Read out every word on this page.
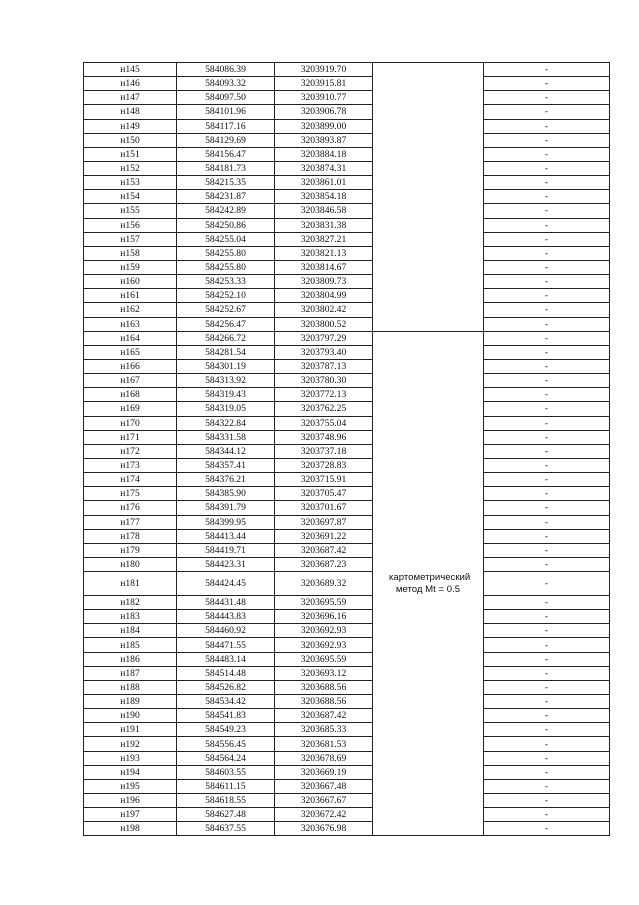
н145	584086.39	3203919.70		-
н146	584093.32	3203915.81		-
н147	584097.50	3203910.77		-
н148	584101.96	3203906.78		-
н149	584117.16	3203899.00		-
н150	584129.69	3203893.87		-
н151	584156.47	3203884.18		-
н152	584181.73	3203874.31		-
н153	584215.35	3203861.01		-
н154	584231.87	3203854.18		-
н155	584242.89	3203846.58		-
н156	584250.86	3203831.38		-
н157	584255.04	3203827.21		-
н158	584255.80	3203821.13		-
н159	584255.80	3203814.67		-
н160	584253.33	3203809.73		-
н161	584252.10	3203804.99		-
н162	584252.67	3203802.42		-
н163	584256.47	3203800.52		-
н164	584266.72	3203797.29		-
н165	584281.54	3203793.40		-
н166	584301.19	3203787.13		-
н167	584313.92	3203780.30		-
н168	584319.43	3203772.13		-
н169	584319.05	3203762.25		-
н170	584322.84	3203755.04		-
н171	584331.58	3203748.96		-
н172	584344.12	3203737.18		-
н173	584357.41	3203728.83		-
н174	584376.21	3203715.91		-
н175	584385.90	3203705.47		-
н176	584391.79	3203701.67		-
н177	584399.95	3203697.87		-
н178	584413.44	3203691.22		-
н179	584419.71	3203687.42		-
н180	584423.31	3203687.23		-
н181	584424.45	3203689.32	картометрический метод Mt = 0.5	-
н182	584431.48	3203695.59		-
н183	584443.83	3203696.16		-
н184	584460.92	3203692.93		-
н185	584471.55	3203692.93		-
н186	584483.14	3203695.59		-
н187	584514.48	3203693.12		-
н188	584526.82	3203688.56		-
н189	584534.42	3203688.56		-
н190	584541.83	3203687.42		-
н191	584549.23	3203685.33		-
н192	584556.45	3203681.53		-
н193	584564.24	3203678.69		-
н194	584603.55	3203669.19		-
н195	584611.15	3203667.48		-
н196	584618.55	3203667.67		-
н197	584627.48	3203672.42		-
н198	584637.55	3203676.98		-
